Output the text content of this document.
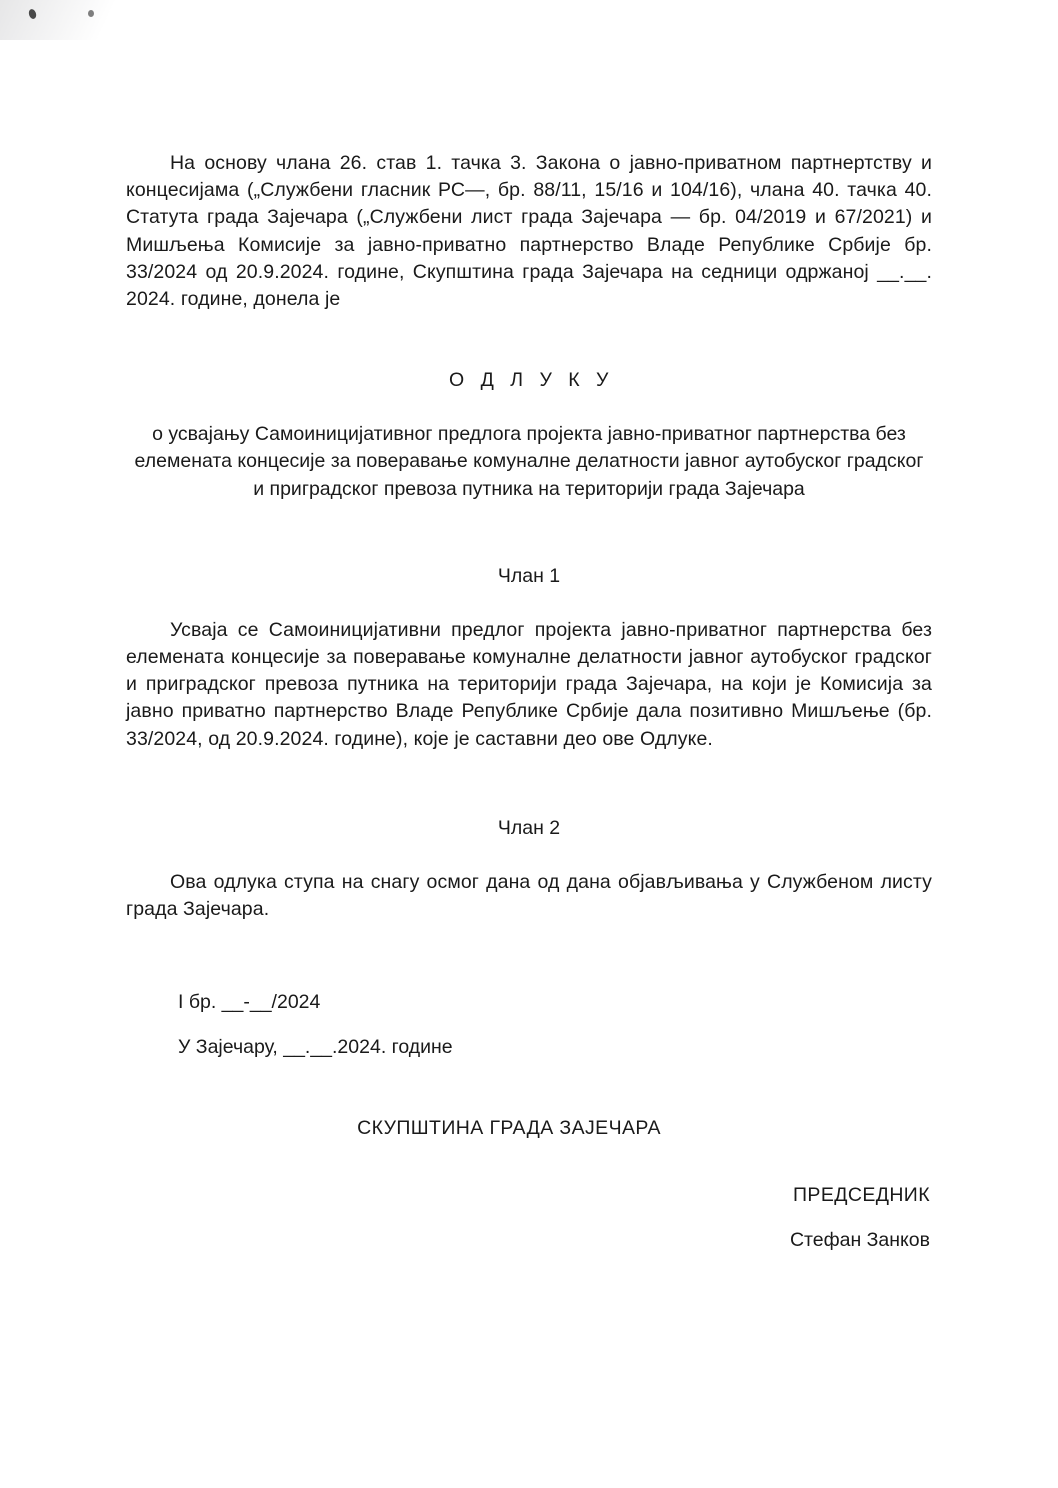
На основу члана 26. став 1. тачка 3. Закона о јавно-приватном партнертству и концесијама („Службени гласник РС—, бр. 88/11, 15/16 и 104/16), члана 40. тачка 40. Статута града Зајечара („Службени лист града Зајечара — бр. 04/2019 и 67/2021) и Мишљења Комисије за јавно-приватно партнерство Владе Републике Србије бр. 33/2024 од 20.9.2024. године, Скупштина града Зајечара на седници одржаној __.__. 2024. године, донела је

О Д Л У К У
о усвајању Самоиницијативног предлога пројекта јавно-приватног партнерства без елемената концесије за поверавање комуналне делатности јавног аутобуског градског и приградског превоза путника на територији града Зајечара
Члан 1

Усваја се Самоиницијативни предлог пројекта јавно-приватног партнерства без елемената концесије за поверавање комуналне делатности јавног аутобуског градског и приградског превоза путника на територији града Зајечара, на који је Комисија за јавно приватно партнерство Владе Републике Србије дала позитивно Мишљење (бр. 33/2024, од 20.9.2024. године), које је саставни део ове Одлуке.

Члан 2

Ова одлука ступа на снагу осмог дана од дана објављивања у Службеном листу града Зајечара.

I бр. __-__/2024
У Зајечару, __.__.2024. године
СКУПШТИНА ГРАДА ЗАЈЕЧАРА
ПРЕДСЕДНИК
Стефан Занков
